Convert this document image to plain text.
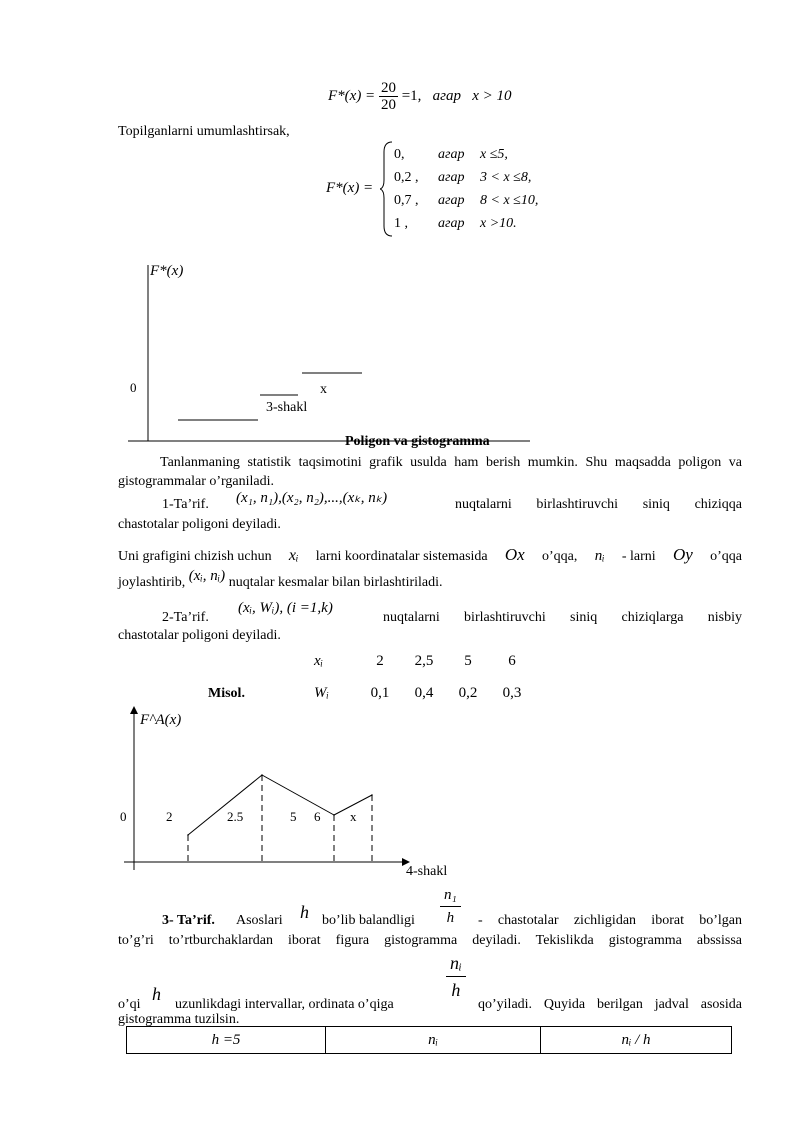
$F*(x) = \frac{20}{20} =1$, агар x > 10
Topilganlarni umumlashtirsak,
F*(x) =
0, агар x ≤5,
0,2 , агар 3 < x ≤8,
0,7 , агар 8 < x ≤10,
1 , агар x >10.
F*(x)
0	x
3-shakl
Poligon va gistogramma
Tanlanmaning statistik taqsimotini grafik usulda ham berish mumkin. Shu maqsadda poligon va gistogrammalar o’rganiladi.
1-Ta’rif. (x₁, n₁),(x₂, n₂),...,(xₖ, nₖ)	nuqtalarni birlashtiruvchi siniq chiziqqa
chastotalar poligoni deyiladi.
Uni grafigini chizish uchun xᵢ larni koordinatalar sistemasida Ox o’qqa, nᵢ - larni Oy o’qqa
joylashtirib, (xᵢ, nᵢ) nuqtalar kesmalar bilan birlashtiriladi.
2-Ta’rif.
(xᵢ, Wᵢ), (i =1,k)
nuqtalarni birlashtiruvchi siniq chiziqlarga nisbiy
chastotalar poligoni deyiladi.
xᵢ	2	2,5	5	6
Wᵢ	0,1	0,4	0,2	0,3
Misol.
F^A(x)
0	2	2.5	5 6 x
4-shakl
3- Ta’rif. Asoslari h bo’lib balandligi
n₁
h	- chastotalar zichligidan iborat bo’lgan
to’g’ri to’rtburchaklardan iborat figura gistogramma deyiladi. Tekislikda gistogramma abssissa
nᵢ
h
o’qi
h
uzunlikdagi intervallar, ordinata o’qiga	qo’yiladi. Quyida berilgan jadval asosida
gistogramma tuzilsin.
h =5	nᵢ	nᵢ / h
